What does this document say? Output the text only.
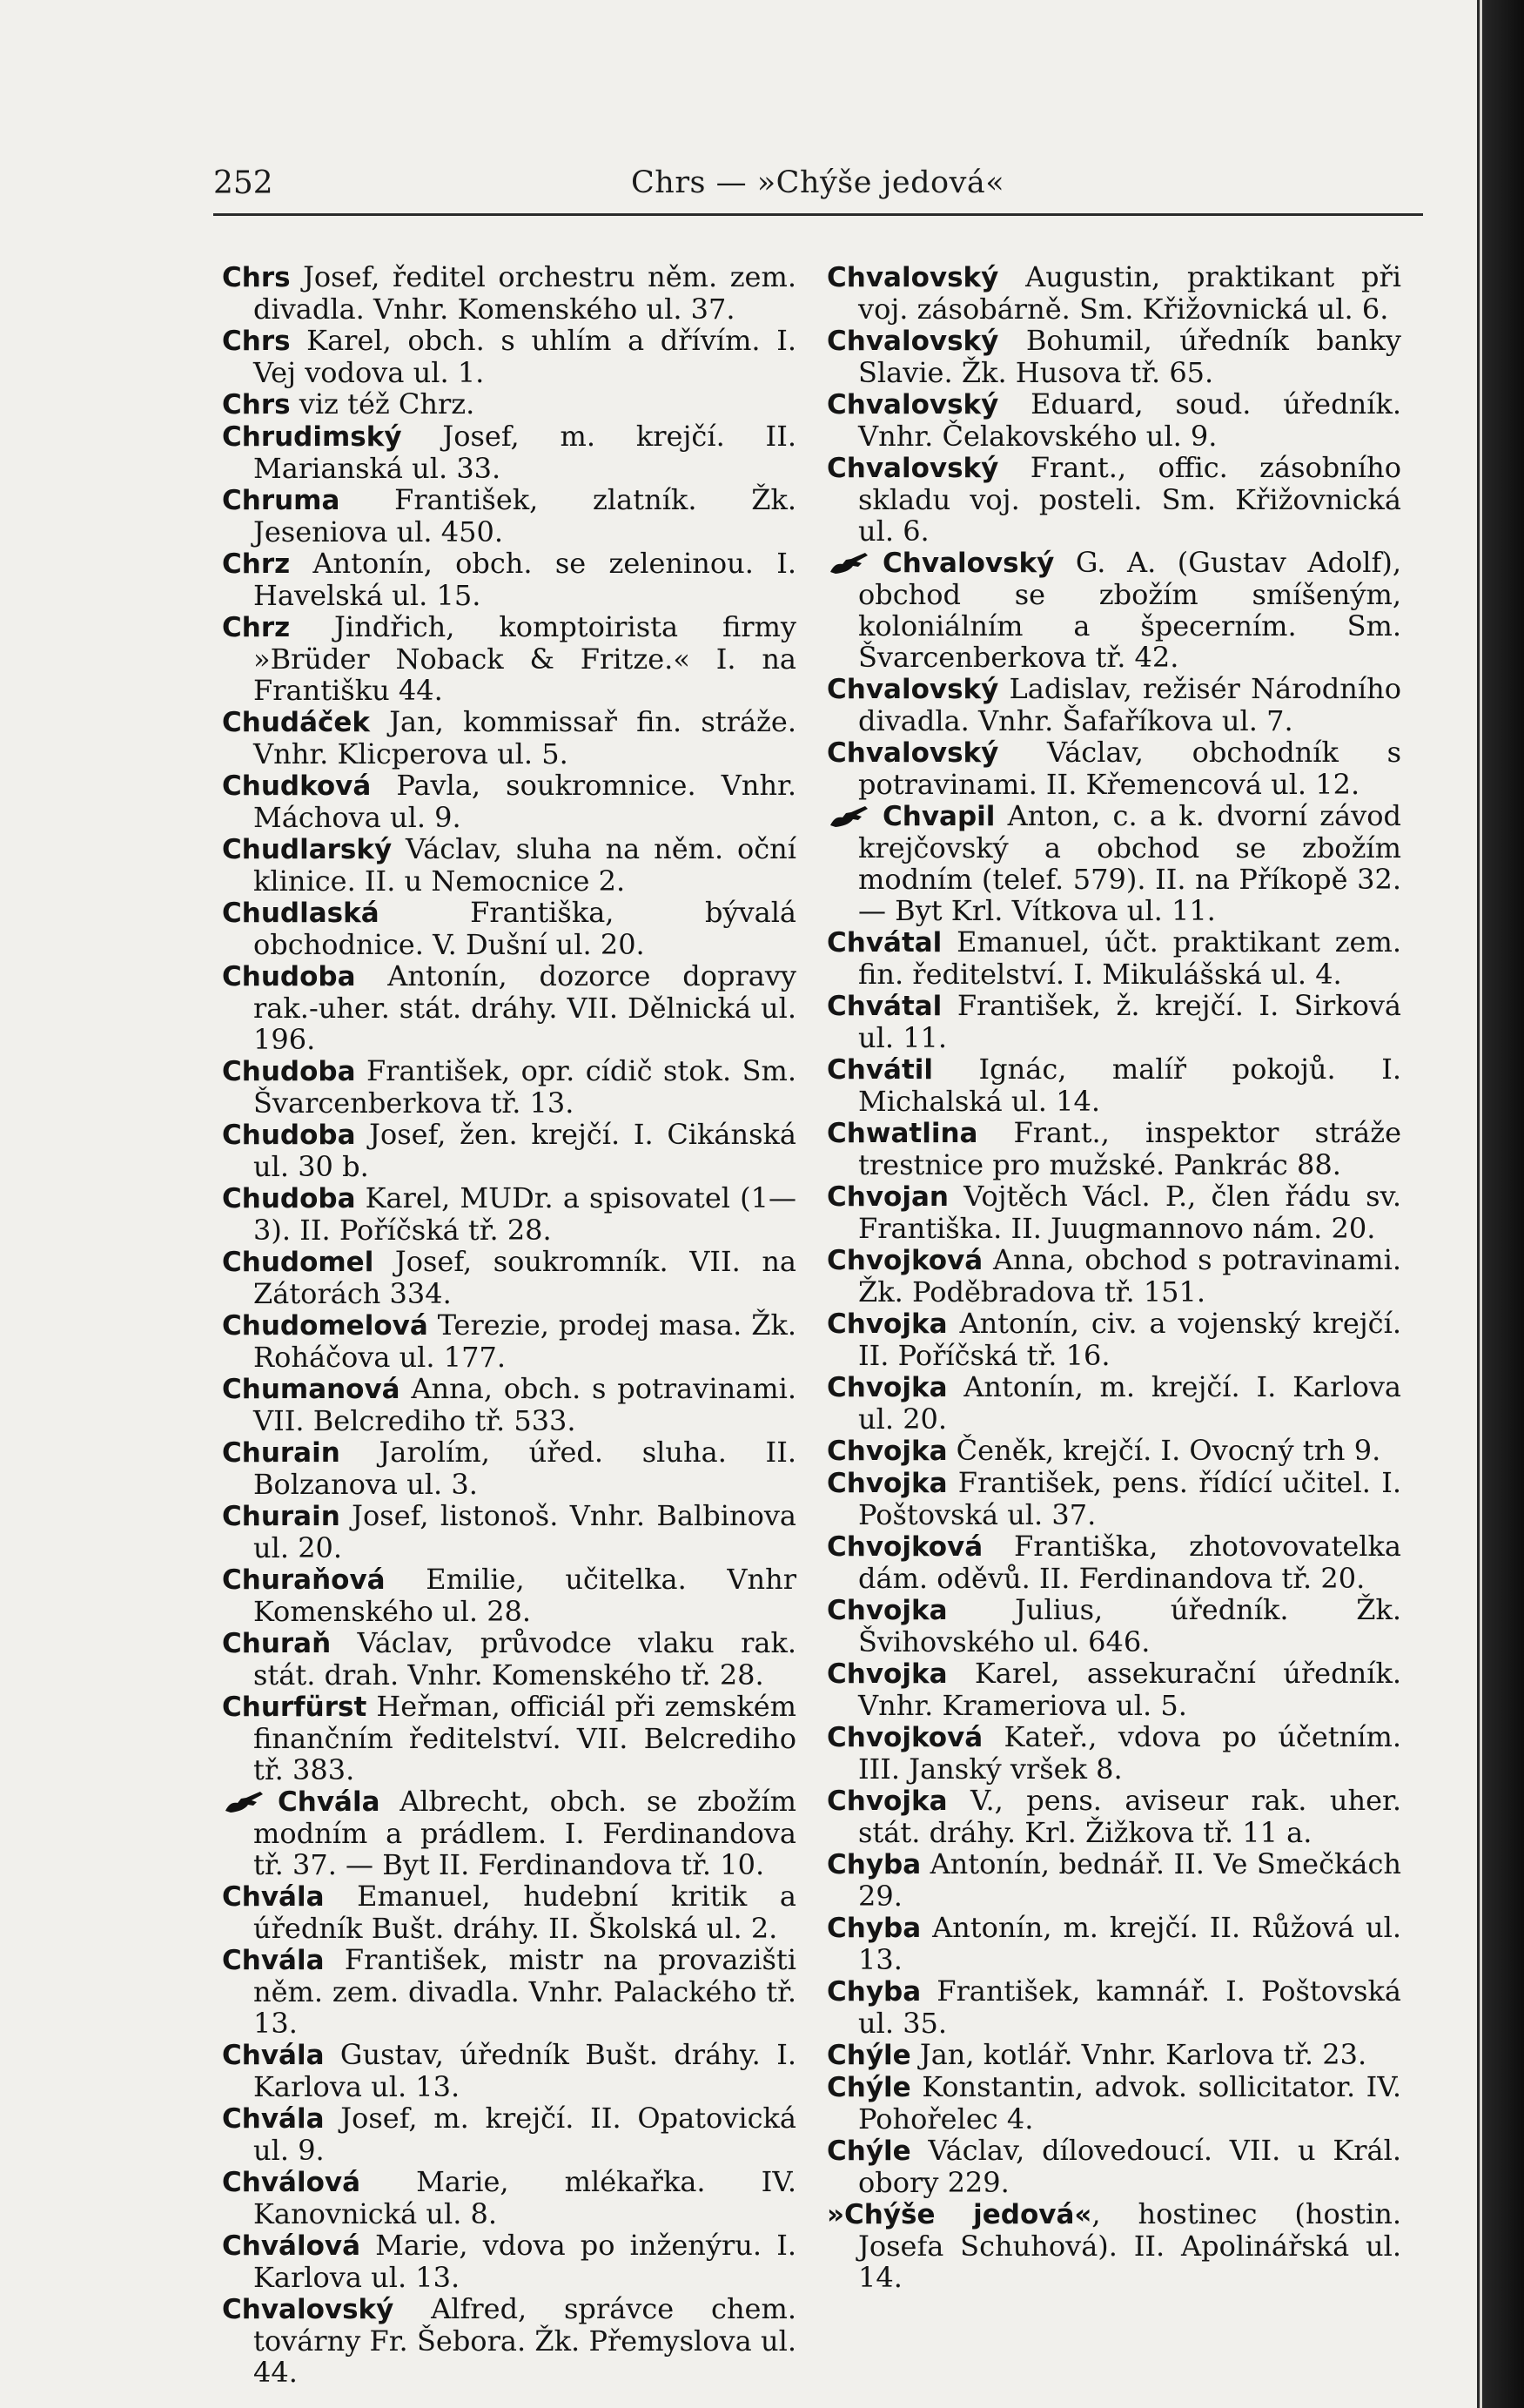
252	Chrs — »Chýše jedová«
Chrs Josef, ředitel orchestru něm. zem. divadla. Vnhr. Komenského ul. 37.
Chrs Karel, obch. s uhlím a dřívím. I. Vej vodova ul. 1.
Chrs viz též Chrz.
Chrudimský Josef, m. krejčí. II. Marianská ul. 33.
Chruma František, zlatník. Žk. Jeseniova ul. 450.
Chrz Antonín, obch. se zeleninou. I. Havelská ul. 15.
Chrz Jindřich, komptoirista firmy »Brüder Noback & Fritze.« I. na Františku 44.
Chudáček Jan, kommissař fin. stráže. Vnhr. Klicperova ul. 5.
Chudková Pavla, soukromnice. Vnhr. Máchova ul. 9.
Chudlarský Václav, sluha na něm. oční klinice. II. u Nemocnice 2.
Chudlaská Františka, bývalá obchodnice. V. Dušní ul. 20.
Chudoba Antonín, dozorce dopravy rak.-uher. stát. dráhy. VII. Dělnická ul. 196.
Chudoba František, opr. cídič stok. Sm. Švarcenberkova tř. 13.
Chudoba Josef, žen. krejčí. I. Cikánská ul. 30 b.
Chudoba Karel, MUDr. a spisovatel (1—3). II. Poříčská tř. 28.
Chudomel Josef, soukromník. VII. na Zátorách 334.
Chudomelová Terezie, prodej masa. Žk. Roháčova ul. 177.
Chumanová Anna, obch. s potravinami. VII. Belcrediho tř. 533.
Churain Jarolím, úřed. sluha. II. Bolzanova ul. 3.
Churain Josef, listonoš. Vnhr. Balbinova ul. 20.
Churaňová Emilie, učitelka. Vnhr Komenského ul. 28.
Churaň Václav, průvodce vlaku rak. stát. drah. Vnhr. Komenského tř. 28.
Churfürst Heřman, officiál při zemském finančním ředitelství. VII. Belcrediho tř. 383.
Chvála Albrecht, obch. se zbožím modním a prádlem. I. Ferdinandova tř. 37. — Byt II. Ferdinandova tř. 10.
Chvála Emanuel, hudební kritik a úředník Bušt. dráhy. II. Školská ul. 2.
Chvála František, mistr na provazišti něm. zem. divadla. Vnhr. Palackého tř. 13.
Chvála Gustav, úředník Bušt. dráhy. I. Karlova ul. 13.
Chvála Josef, m. krejčí. II. Opatovická ul. 9.
Chválová Marie, mlékařka. IV. Kanovnická ul. 8.
Chválová Marie, vdova po inženýru. I. Karlova ul. 13.
Chvalovský Alfred, správce chem. továrny Fr. Šebora. Žk. Přemyslova ul. 44.
Chvalovský Augustin, praktikant při voj. zásobárně. Sm. Křižovnická ul. 6.
Chvalovský Bohumil, úředník banky Slavie. Žk. Husova tř. 65.
Chvalovský Eduard, soud. úředník. Vnhr. Čelakovského ul. 9.
Chvalovský Frant., offic. zásobního skladu voj. posteli. Sm. Křižovnická ul. 6.
Chvalovský G. A. (Gustav Adolf), obchod se zbožím smíšeným, koloniálním a špecerním. Sm. Švarcenberkova tř. 42.
Chvalovský Ladislav, režisér Národního divadla. Vnhr. Šafaříkova ul. 7.
Chvalovský Václav, obchodník s potravinami. II. Křemencová ul. 12.
Chvapil Anton, c. a k. dvorní závod krejčovský a obchod se zbožím modním (telef. 579). II. na Příkopě 32. — Byt Krl. Vítkova ul. 11.
Chvátal Emanuel, účt. praktikant zem. fin. ředitelství. I. Mikulášská ul. 4.
Chvátal František, ž. krejčí. I. Sirková ul. 11.
Chvátil Ignác, malíř pokojů. I. Michalská ul. 14.
Chwatlina Frant., inspektor stráže trestnice pro mužské. Pankrác 88.
Chvojan Vojtěch Václ. P., člen řádu sv. Františka. II. Juugmannovo nám. 20.
Chvojková Anna, obchod s potravinami. Žk. Poděbradova tř. 151.
Chvojka Antonín, civ. a vojenský krejčí. II. Poříčská tř. 16.
Chvojka Antonín, m. krejčí. I. Karlova ul. 20.
Chvojka Čeněk, krejčí. I. Ovocný trh 9.
Chvojka František, pens. řídící učitel. I. Poštovská ul. 37.
Chvojková Františka, zhotovovatelka dám. oděvů. II. Ferdinandova tř. 20.
Chvojka Julius, úředník. Žk. Švihovského ul. 646.
Chvojka Karel, assekurační úředník. Vnhr. Krameriova ul. 5.
Chvojková Kateř., vdova po účetním. III. Janský vršek 8.
Chvojka V., pens. aviseur rak. uher. stát. dráhy. Krl. Žižkova tř. 11 a.
Chyba Antonín, bednář. II. Ve Smečkách 29.
Chyba Antonín, m. krejčí. II. Růžová ul. 13.
Chyba František, kamnář. I. Poštovská ul. 35.
Chýle Jan, kotlář. Vnhr. Karlova tř. 23.
Chýle Konstantin, advok. sollicitator. IV. Pohořelec 4.
Chýle Václav, dílovedoucí. VII. u Král. obory 229.
»Chýše jedová«, hostinec (hostin. Josefa Schuhová). II. Apolinářská ul. 14.
